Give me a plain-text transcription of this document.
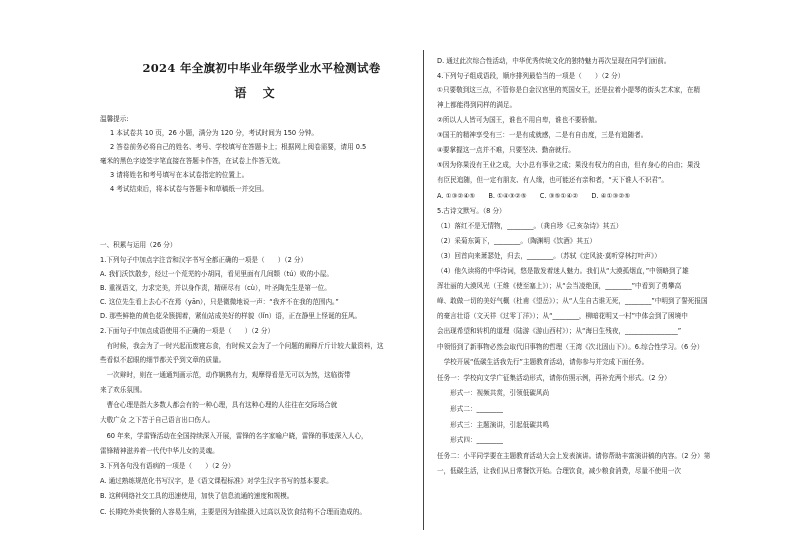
2024 年全旗初中毕业年级学业水平检测试卷
语 文
温馨提示:
1 本试卷共 10 页，26 小题，满分为 120 分，考试时间为 150 分钟。
2 答卷前务必将自己的姓名、考号、学校填写在答题卡上；根据网上阅卷需要，请用 0.5
毫米的黑色字迹签字笔直接在答题卡作答，在试卷上作答无效。
3 请将姓名和考号填写在本试卷指定的位置上。
4 考试结束后，将本试卷与答题卡和草稿纸一并交回。
一、积累与运用（26 分）
1.下列句子中加点字注音和汉字书写全都正确的一项是（　　）（2 分）
A. 我们沃饮散步，经过一个荒芜的小胡同，看见里面有几间颓（tú）败的小屋。
B. 重视语文，力求完美，并以身作责，精研尽有（cù），叶圣陶先生是第一位。
C. 这位先生看上去心不在焉（yān），只是微微地说一声：“我齐不在我的范围内。”
D. 那些鲜艳的黄色花朵簇拥着，紧仙站成美好的样貌（lǐn）语，正在静里上怪诞的狂风。
2.下面句子中加点成语使用不正确的一项是（　　）（2 分）
　有时候，我会为了一时兴起而废寝忘食，有时候又会为了一个问题的阐释斤斤计较大量资料，这
些看似不起眼的细节都关乎到文章的质量。
　一次辩时，则在一通通判画示范，动作娴熟有力，观摩得看是无可以为然，这临街带
来了欢乐氛围。
　曹仓心理是指大多数人都会有的一种心理，具有这种心理的人往往在交际场合就
大敬广众 之下苦于自己语言出口伤人。
　60 年来，学雷锋活动在全国持续深入开展，雷锋的名字家喻户晓，雷锋的事迹深入人心，
雷锋精神滋养着一代代中华儿女的灵魂。
3.下列各句没有语病的一项是（　　）（2 分）
A. 通过熟练规范化书写汉字，是《语文课程标准》对学生汉字书写的基本要求。
B. 这种网络社交工具的迅速使用，加快了信息流通的速度和规模。
C. 长期吃外卖快餐的人容易生病，主要是因为油盐摄入过高以及饮食结构不合理而造成的。
D. 通过此次综合性活动，中华优秀传统文化的独特魅力再次呈现在同学们面前。
4.下列句子组成语段，顺序排列最恰当的一项是（　　）（2 分）
①只要敬到这三点，不管你是白金汉宫里的英国女王，还是拉着小提琴的街头艺术家，在精
神上都能得到同样的满足。
②所以人人皆可为国王，谁也不用自卑，谁也不要骄傲。
③国王的精神享受有三：一是有成就感，二是有自由度，三是有追随者。
④要掌握这一点并不难，只要坚决、勤奋就行。
⑤因为你果没有王业之成，大小总有事业之成；果没有权力的自由，但有身心的自由；果没
有臣民追随，但一定有朋友、有人缘，也可能还有亲和者，“天下谁人不识君”。
A. ①③②④⑤　　B. ①④③②⑤　　C. ③⑤①④②　　D. ④①③②⑤
5.古诗文默写。（8 分）
（1）落红不是无情物，________。（龚自珍《己亥杂诗》其五）
（2）采菊东篱下，________。（陶渊明《饮酒》其五）
（3）回首向来萧瑟处，归去，________。（苏轼《定风波·莫听穿林打叶声》）
（4）他久读将的中华诗词，悠是散发着迷人魅力。我们从“大漠孤烟直，”中领略到了雄
浑壮丽的大漠风光（王维《使至塞上》）；从“会当凌绝顶，________”中看到了勇攀高
峰、敢做一切的美好气概（杜甫《望岳》）；从“人生自古谁无死，________”中明到了誓死报国
的豪言壮语（文天祥《过零丁洋》）；从“________，柳暗花明又一村”中体会到了困境中
会出现希望和转机的道理（陆游《游山西村》）；从“海日生残夜，________________”
中领悟到了新事物必然会取代旧事物的哲理（王湾《次北固山下》）。6.综合性学习。（6 分）
　学校开展“低碳生活我先行”主题教育活动，请你参与并完成下面任务。
任务一：学校向文学广征集活动形式，请你仿照示例，再补充两个形式。（2 分）
　　形式一：视频共赏，引领低碳风尚
　　形式二：________
　　形式三：主题演讲，引起低碳共鸣
　　形式四：________
任务二：小平同学要在主题教育活动大会上发表演讲。请你帮助丰富演讲稿的内容。（2 分）第
一，低碳生活，让我们从日常餐饮开始。合理饮食，减少粮食消费，尽量不使用一次
